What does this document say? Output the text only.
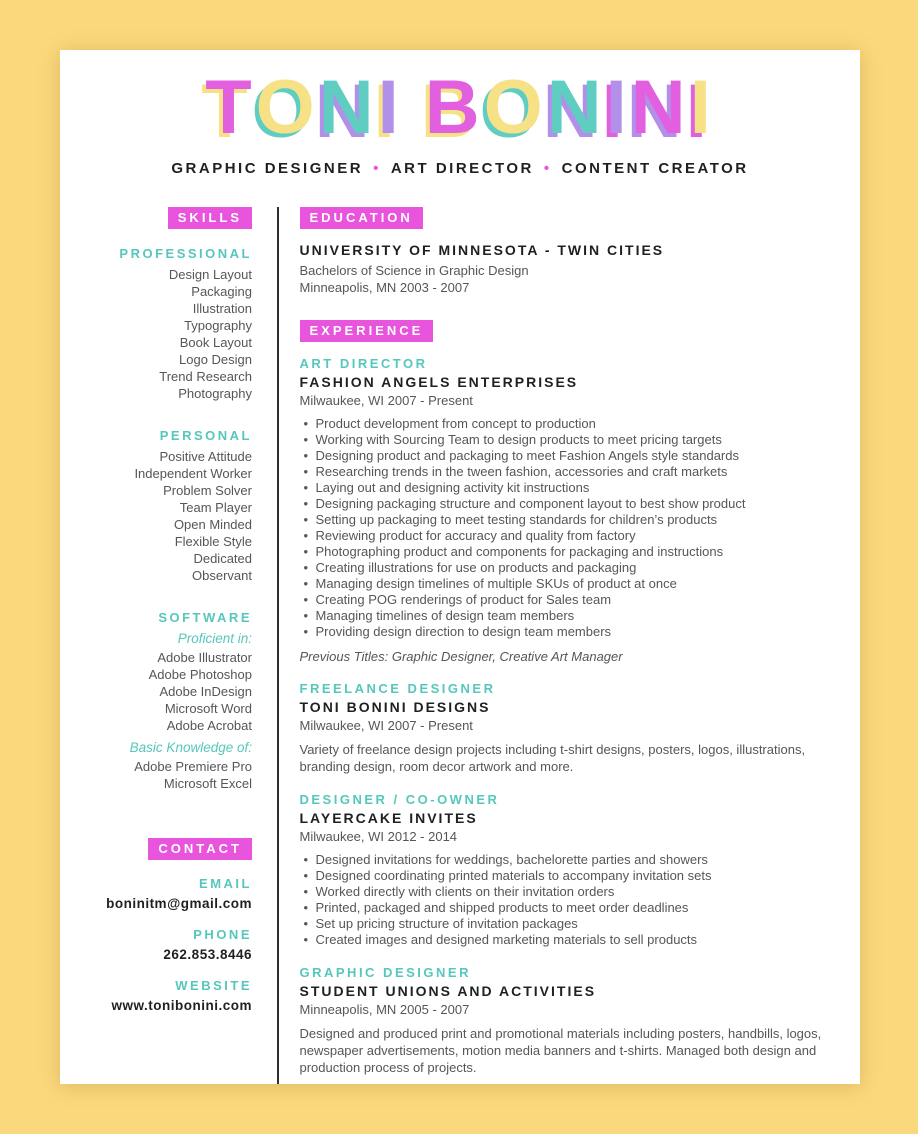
TONI BONINI
GRAPHIC DESIGNER • ART DIRECTOR • CONTENT CREATOR
SKILLS
PROFESSIONAL
Design Layout
Packaging
Illustration
Typography
Book Layout
Logo Design
Trend Research
Photography
PERSONAL
Positive Attitude
Independent Worker
Problem Solver
Team Player
Open Minded
Flexible Style
Dedicated
Observant
SOFTWARE
Proficient in:
Adobe Illustrator
Adobe Photoshop
Adobe InDesign
Microsoft Word
Adobe Acrobat
Basic Knowledge of:
Adobe Premiere Pro
Microsoft Excel
CONTACT
EMAIL
boninitm@gmail.com
PHONE
262.853.8446
WEBSITE
www.tonibonini.com
EDUCATION
UNIVERSITY OF MINNESOTA - TWIN CITIES
Bachelors of Science in Graphic Design
Minneapolis, MN 2003 - 2007
EXPERIENCE
ART DIRECTOR
FASHION ANGELS ENTERPRISES
Milwaukee, WI 2007 - Present
• Product development from concept to production
• Working with Sourcing Team to design products to meet pricing targets
• Designing product and packaging to meet Fashion Angels style standards
• Researching trends in the tween fashion, accessories and craft markets
• Laying out and designing activity kit instructions
• Designing packaging structure and component layout to best show product
• Setting up packaging to meet testing standards for children’s products
• Reviewing product for accuracy and quality from factory
• Photographing product and components for packaging and instructions
• Creating illustrations for use on products and packaging
• Managing design timelines of multiple SKUs of product at once
• Creating POG renderings of product for Sales team
• Managing timelines of design team members
• Providing design direction to design team members
Previous Titles: Graphic Designer, Creative Art Manager
FREELANCE DESIGNER
TONI BONINI DESIGNS
Milwaukee, WI 2007 - Present
Variety of freelance design projects including t-shirt designs, posters, logos, illustrations, branding design, room decor artwork and more.
DESIGNER / CO-OWNER
LAYERCAKE INVITES
Milwaukee, WI 2012 - 2014
• Designed invitations for weddings, bachelorette parties and showers
• Designed coordinating printed materials to accompany invitation sets
• Worked directly with clients on their invitation orders
• Printed, packaged and shipped products to meet order deadlines
• Set up pricing structure of invitation packages
• Created images and designed marketing materials to sell products
GRAPHIC DESIGNER
STUDENT UNIONS AND ACTIVITIES
Minneapolis, MN 2005 - 2007
Designed and produced print and promotional materials including posters, handbills, logos, newspaper advertisements, motion media banners and t-shirts. Managed both design and production process of projects.
